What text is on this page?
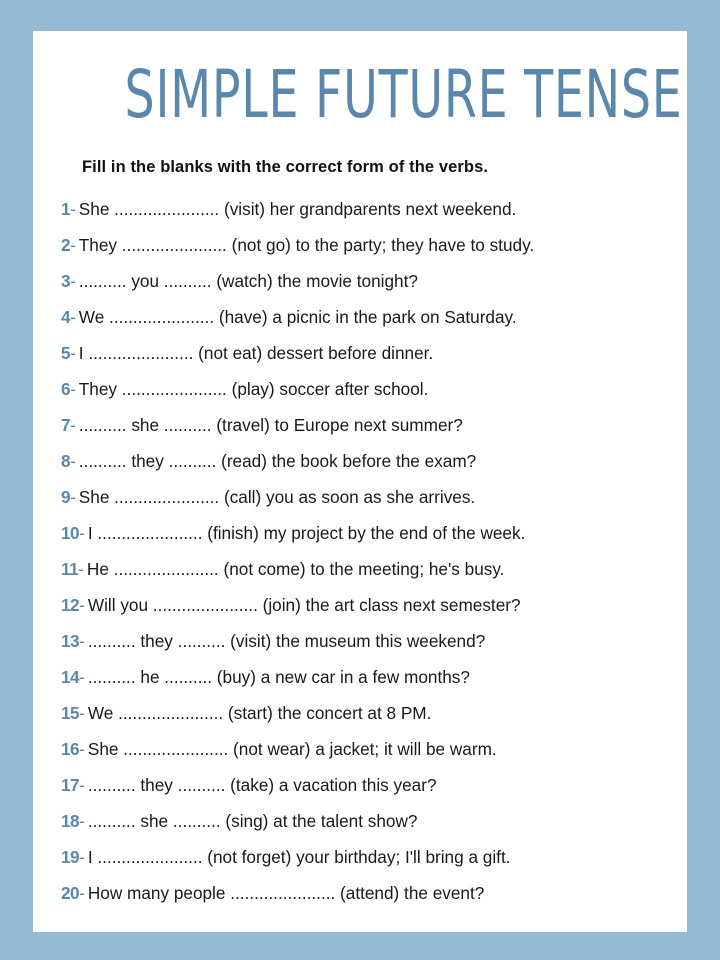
SIMPLE FUTURE TENSE
Fill in the blanks with the correct form of the verbs.
1- She ...................... (visit) her grandparents next weekend.
2- They ...................... (not go) to the party; they have to study.
3- .......... you .......... (watch) the movie tonight?
4- We ...................... (have) a picnic in the park on Saturday.
5- I ...................... (not eat) dessert before dinner.
6- They ...................... (play) soccer after school.
7- .......... she .......... (travel) to Europe next summer?
8- .......... they .......... (read) the book before the exam?
9- She ...................... (call) you as soon as she arrives.
10- I ...................... (finish) my project by the end of the week.
11- He ...................... (not come) to the meeting; he's busy.
12- Will you ...................... (join) the art class next semester?
13- .......... they .......... (visit) the museum this weekend?
14- .......... he .......... (buy) a new car in a few months?
15- We ...................... (start) the concert at 8 PM.
16- She ...................... (not wear) a jacket; it will be warm.
17- .......... they .......... (take) a vacation this year?
18- .......... she .......... (sing) at the talent show?
19- I ...................... (not forget) your birthday; I'll bring a gift.
20- How many people ...................... (attend) the event?
